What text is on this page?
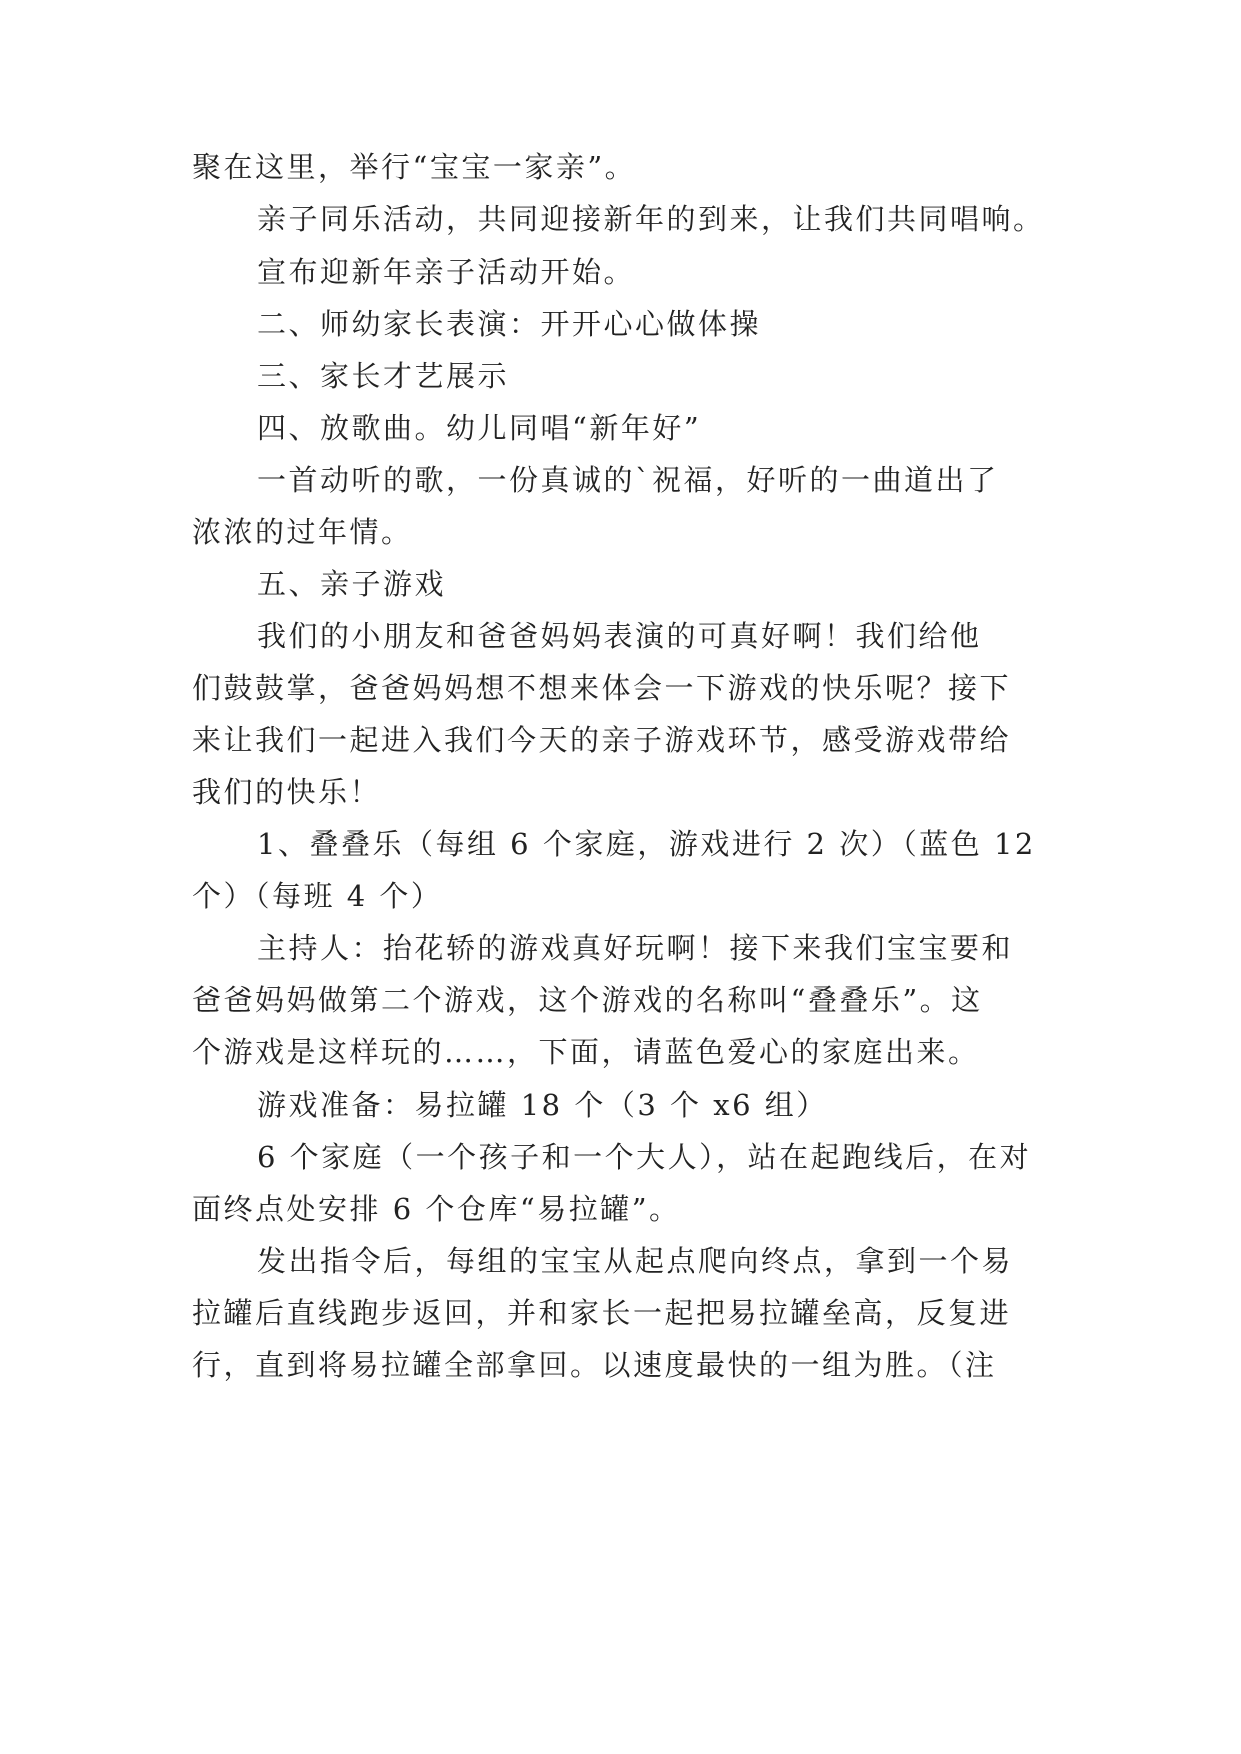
聚在这里，举行“宝宝一家亲”。
亲子同乐活动，共同迎接新年的到来，让我们共同唱响。
宣布迎新年亲子活动开始。
二、师幼家长表演：开开心心做体操
三、家长才艺展示
四、放歌曲。幼儿同唱“新年好”
一首动听的歌，一份真诚的`祝福，好听的一曲道出了
浓浓的过年情。
五、亲子游戏
我们的小朋友和爸爸妈妈表演的可真好啊！我们给他
们鼓鼓掌，爸爸妈妈想不想来体会一下游戏的快乐呢？接下
来让我们一起进入我们今天的亲子游戏环节，感受游戏带给
我们的快乐！
1、叠叠乐（每组 6 个家庭，游戏进行 2 次）（蓝色 12
个）（每班 4 个）
主持人：抬花轿的游戏真好玩啊！接下来我们宝宝要和
爸爸妈妈做第二个游戏，这个游戏的名称叫“叠叠乐”。这
个游戏是这样玩的……，下面，请蓝色爱心的家庭出来。
游戏准备：易拉罐 18 个（3 个 x6 组）
6 个家庭（一个孩子和一个大人），站在起跑线后，在对
面终点处安排 6 个仓库“易拉罐”。
发出指令后，每组的宝宝从起点爬向终点，拿到一个易
拉罐后直线跑步返回，并和家长一起把易拉罐垒高，反复进
行，直到将易拉罐全部拿回。以速度最快的一组为胜。（注
